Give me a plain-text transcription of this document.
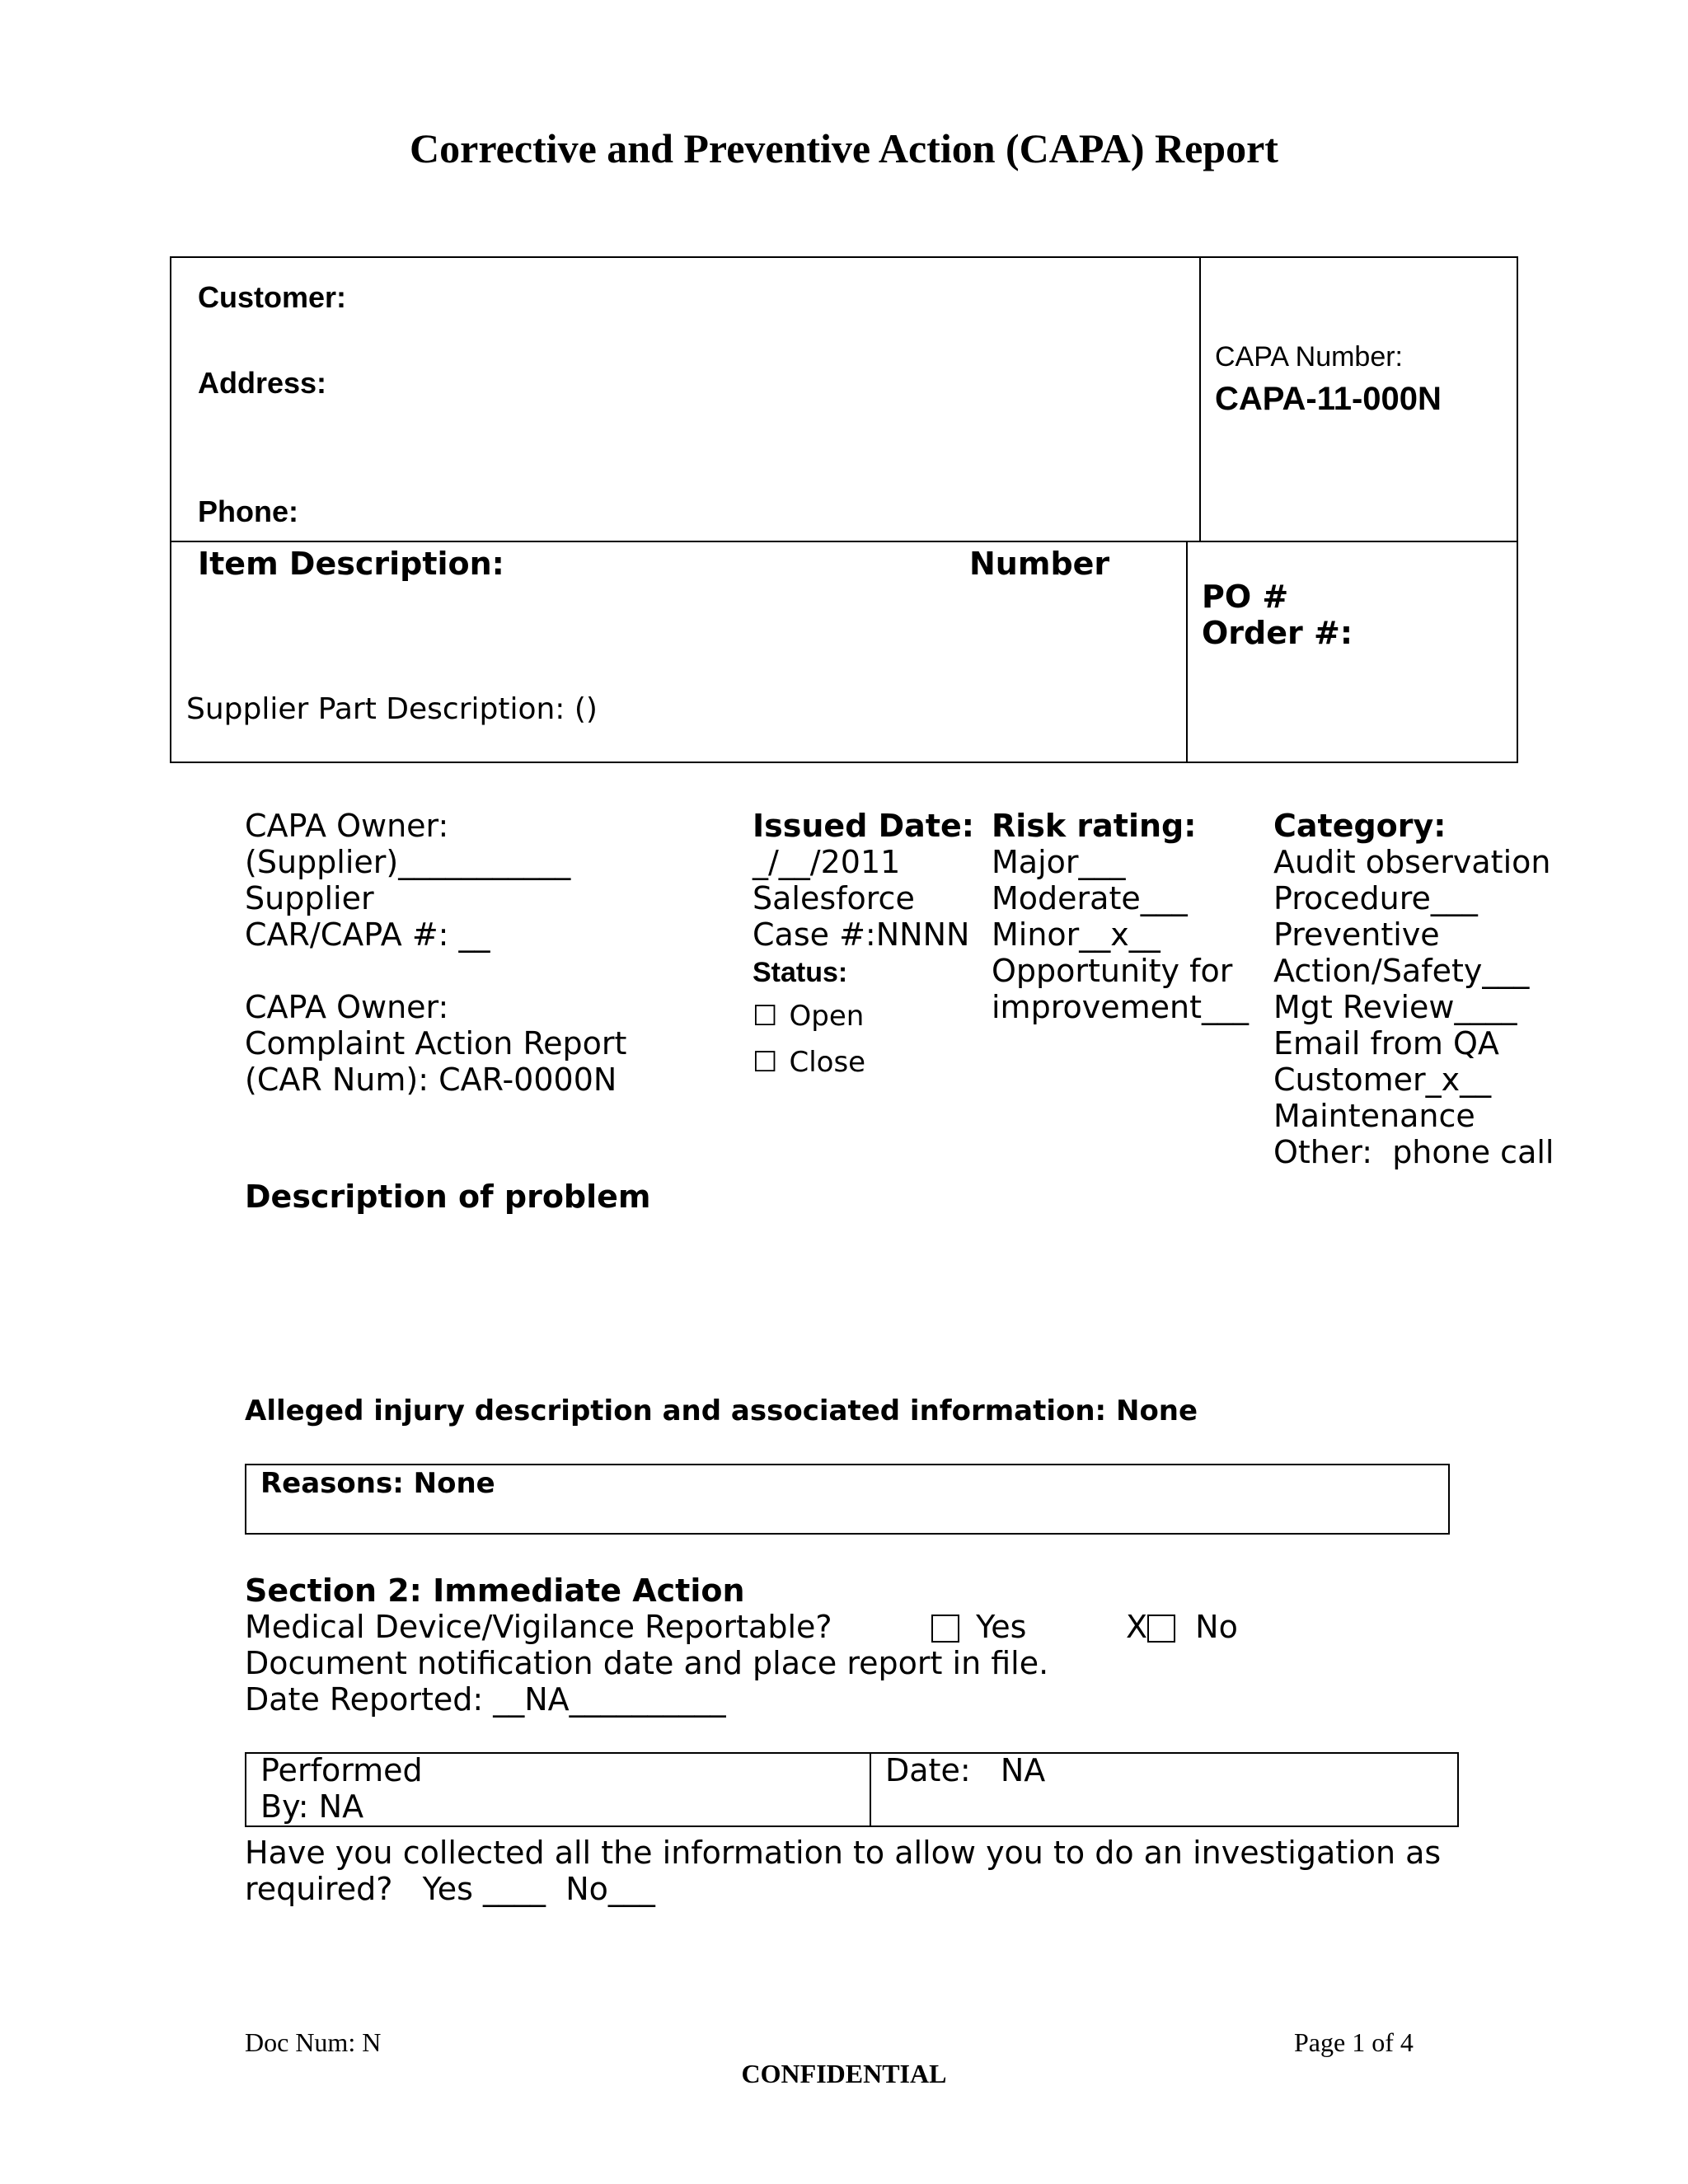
Corrective and Preventive Action (CAPA) Report
Customer:
Address:
Phone:
CAPA Number:
CAPA-11-000N
Item Description:	Number
PO #
Order #:
Supplier Part Description: ()
CAPA Owner:
(Supplier)___________
Supplier
CAR/CAPA #: __
CAPA Owner:
Complaint Action Report
(CAR Num): CAR-0000N
Issued Date:
_/__/2011
Salesforce
Case #:NNNN
Status:
☐ Open
☐ Close
Risk rating:
Major___
Moderate___
Minor__x__
Opportunity for
improvement___
Category:
Audit observation
Procedure___
Preventive
Action/Safety___
Mgt Review____
Email from QA
Customer_x__
Maintenance
Other:  phone call
Description of problem
Alleged injury description and associated information: None
Reasons: None
Section 2: Immediate Action
Medical Device/Vigilance Reportable?	Yes	X No
Document notification date and place report in file.
Date Reported: __NA__________
Performed
By: NA
Date:   NA
Have you collected all the information to allow you to do an investigation as
required?   Yes ____  No___
Doc Num: N	Page 1 of 4
CONFIDENTIAL
